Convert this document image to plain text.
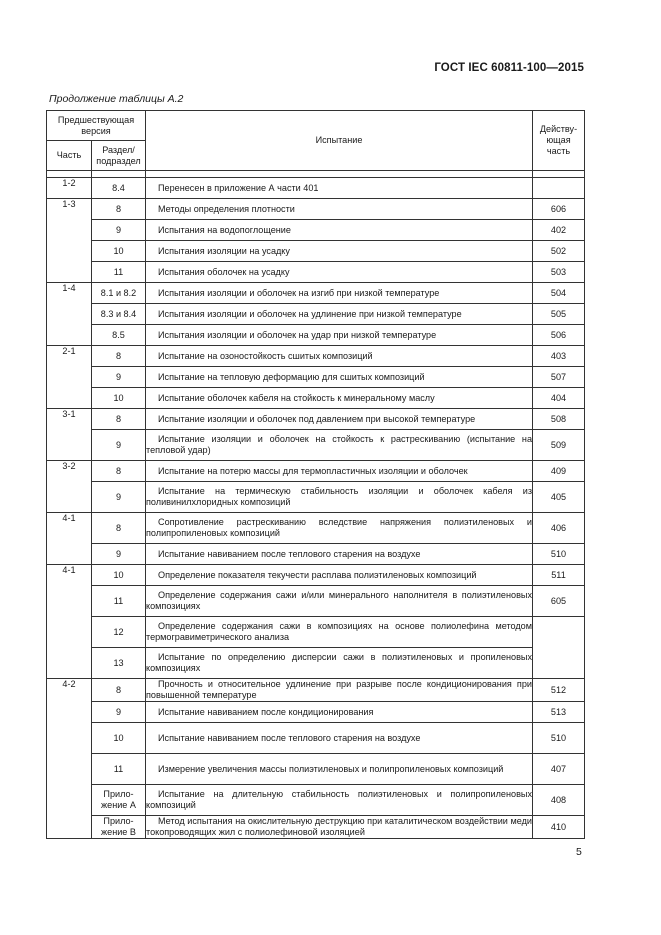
ГОСТ IEC 60811-100—2015
Продолжение таблицы А.2
Предшествующая версия		Испытание	Действу- ющая часть
Часть	Раздел/ подраздел		

1-2	8.4	Перенесен в приложение А части 401	
1-3	8	Методы определения плотности	606
	9	Испытания на водопоглощение	402
	10	Испытания изоляции на усадку	502
	11	Испытания оболочек на усадку	503
1-4	8.1 и 8.2	Испытания изоляции и оболочек на изгиб при низкой температуре	504
	8.3 и 8.4	Испытания изоляции и оболочек на удлинение при низкой температуре	505
	8.5	Испытания изоляции и оболочек на удар при низкой температуре	506
2-1	8	Испытание на озоностойкость сшитых композиций	403
	9	Испытание на тепловую деформацию для сшитых композиций	507
	10	Испытание оболочек кабеля на стойкость к минеральному маслу	404
3-1	8	Испытание изоляции и оболочек под давлением при высокой температуре	508
	9	Испытание изоляции и оболочек на стойкость к растрескиванию (испытание на тепловой удар)	509
3-2	8	Испытание на потерю массы для термопластичных изоляции и оболочек	409
	9	Испытание на термическую стабильность изоляции и оболочек кабеля из поливинилхлоридных композиций	405
4-1	8	Сопротивление растрескиванию вследствие напряжения полиэтиленовых и полипропиленовых композиций	406
	9	Испытание навиванием после теплового старения на воздухе	510
4-1	10	Определение показателя текучести расплава полиэтиленовых композиций	511
	11	Определение содержания сажи и/или минерального наполнителя в полиэтиленовых композициях	605
	12	Определение содержания сажи в композициях на основе полиолефина методом термогравиметрического анализа	
	13	Испытание по определению дисперсии сажи в полиэтиленовых и пропиленовых композициях	
4-2	8	Прочность и относительное удлинение при разрыве после кондиционирования при повышенной температуре	512
	9	Испытание навиванием после кондиционирования	513
	10	Испытание навиванием после теплового старения на воздухе	510
	11	Измерение увеличения массы полиэтиленовых и полипропиленовых композиций	407
	Прило- жение А	Испытание на длительную стабильность полиэтиленовых и полипропиленовых композиций	408
	Прило- жение В	Метод испытания на окислительную деструкцию при каталитическом воздействии меди токопроводящих жил с полиолефиновой изоляцией	410
5
